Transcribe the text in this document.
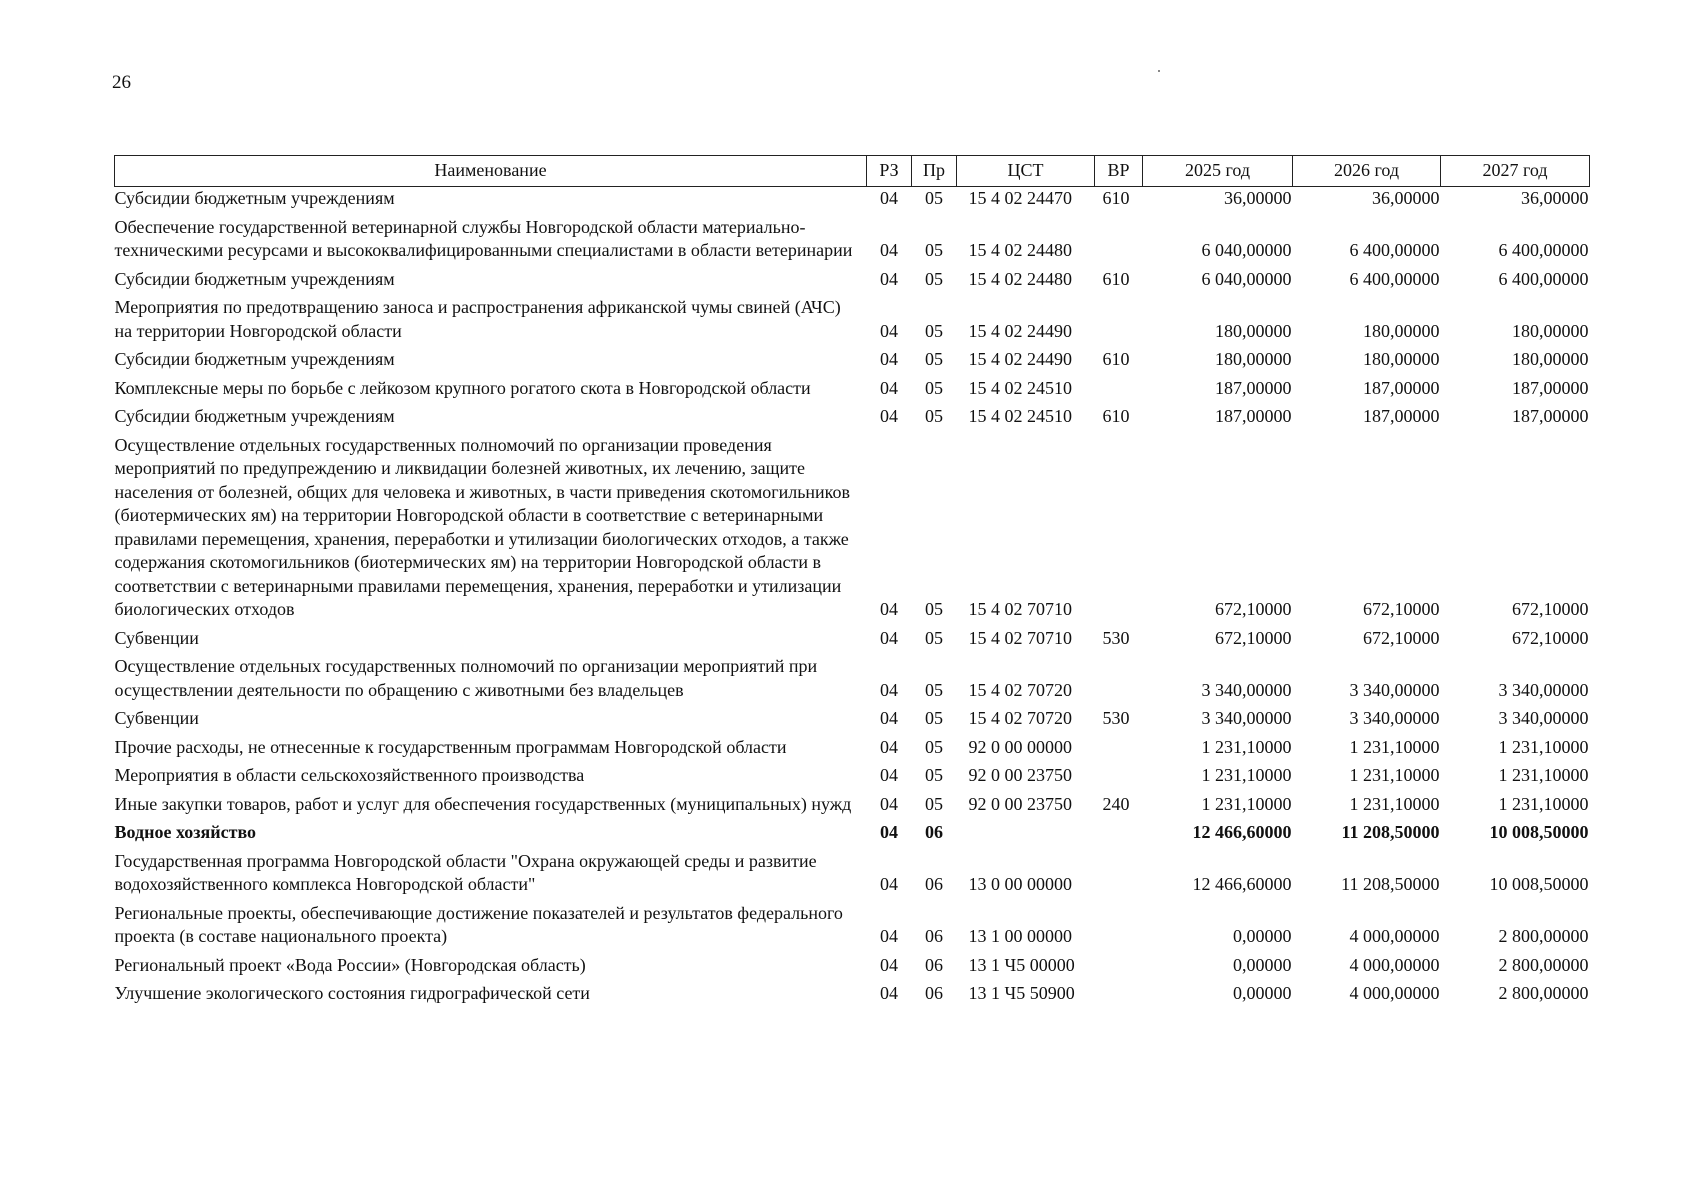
26
Наименование	РЗ	Пр	ЦСТ	ВР	2025 год	2026 год	2027 год
Субсидии бюджетным учреждениям	04	05	15 4 02 24470	610	36,00000	36,00000	36,00000
Обеспечение государственной ветеринарной службы Новгородской области материально-техническими ресурсами и высококвалифицированными специалистами в области ветеринарии	04	05	15 4 02 24480		6 040,00000	6 400,00000	6 400,00000
Субсидии бюджетным учреждениям	04	05	15 4 02 24480	610	6 040,00000	6 400,00000	6 400,00000
Мероприятия по предотвращению заноса и распространения африканской чумы свиней (АЧС) на территории Новгородской области	04	05	15 4 02 24490		180,00000	180,00000	180,00000
Субсидии бюджетным учреждениям	04	05	15 4 02 24490	610	180,00000	180,00000	180,00000
Комплексные меры по борьбе с лейкозом крупного рогатого скота в Новгородской области	04	05	15 4 02 24510		187,00000	187,00000	187,00000
Субсидии бюджетным учреждениям	04	05	15 4 02 24510	610	187,00000	187,00000	187,00000
Осуществление отдельных государственных полномочий по организации проведения мероприятий по предупреждению и ликвидации болезней животных, их лечению, защите населения от болезней, общих для человека и животных, в части приведения скотомогильников (биотермических ям) на территории Новгородской области в соответствие с ветеринарными правилами перемещения, хранения, переработки и утилизации биологических отходов, а также содержания скотомогильников (биотермических ям) на территории Новгородской области в соответствии с ветеринарными правилами перемещения, хранения, переработки и утилизации биологических отходов	04	05	15 4 02 70710		672,10000	672,10000	672,10000
Субвенции	04	05	15 4 02 70710	530	672,10000	672,10000	672,10000
Осуществление отдельных государственных полномочий по организации мероприятий при осуществлении деятельности по обращению с животными без владельцев	04	05	15 4 02 70720		3 340,00000	3 340,00000	3 340,00000
Субвенции	04	05	15 4 02 70720	530	3 340,00000	3 340,00000	3 340,00000
Прочие расходы, не отнесенные к государственным программам Новгородской области	04	05	92 0 00 00000		1 231,10000	1 231,10000	1 231,10000
Мероприятия в области сельскохозяйственного производства	04	05	92 0 00 23750		1 231,10000	1 231,10000	1 231,10000
Иные закупки товаров, работ и услуг для обеспечения государственных (муниципальных) нужд	04	05	92 0 00 23750	240	1 231,10000	1 231,10000	1 231,10000
Водное хозяйство	04	06			12 466,60000	11 208,50000	10 008,50000
Государственная программа Новгородской области "Охрана окружающей среды и развитие водохозяйственного комплекса Новгородской области"	04	06	13 0 00 00000		12 466,60000	11 208,50000	10 008,50000
Региональные проекты, обеспечивающие достижение показателей и результатов федерального проекта (в составе национального проекта)	04	06	13 1 00 00000		0,00000	4 000,00000	2 800,00000
Региональный проект «Вода России» (Новгородская область)	04	06	13 1 Ч5 00000		0,00000	4 000,00000	2 800,00000
Улучшение экологического состояния гидрографической сети	04	06	13 1 Ч5 50900		0,00000	4 000,00000	2 800,00000
